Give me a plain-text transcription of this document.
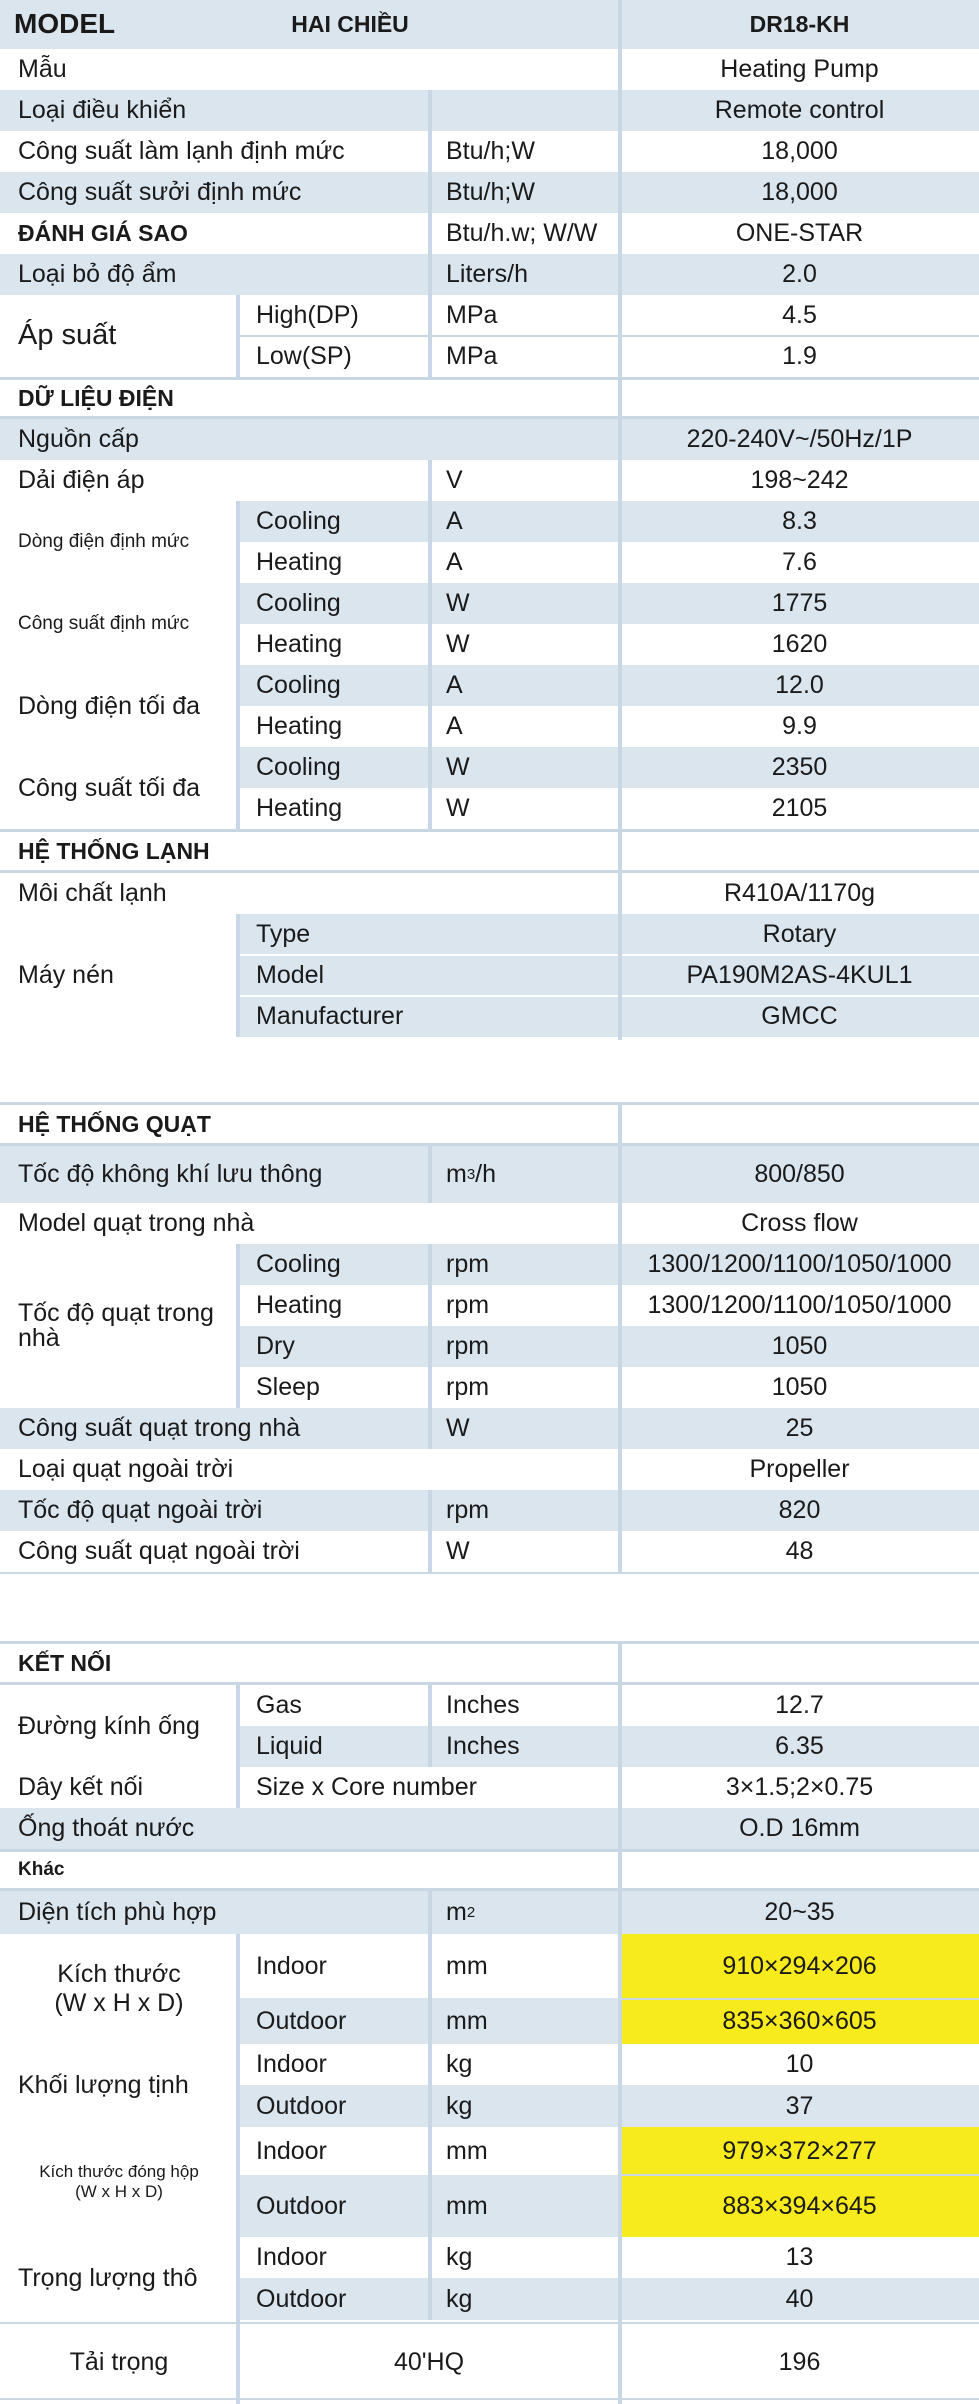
MODEL	HAI CHIỀU	DR18-KH
Mẫu	Heating Pump
Loại điều khiển	Remote control
Công suất làm lạnh định mức	Btu/h;W	18,000
Công suất sưởi định mức	Btu/h;W	18,000
ĐÁNH GIÁ SAO	Btu/h.w; W/W	ONE-STAR
Loại bỏ độ ẩm	Liters/h	2.0
Áp suất
High(DP)	MPa	4.5
Low(SP)	MPa	1.9
DỮ LIỆU ĐIỆN
Nguồn cấp	220-240V~/50Hz/1P
Dải điện áp	V	198~242
Dòng điện định mức
Cooling	A	8.3
Heating	A	7.6
Công suất định mức
Cooling	W	1775
Heating	W	1620
Dòng điện tối đa
Cooling	A	12.0
Heating	A	9.9
Công suất tối đa
Cooling	W	2350
Heating	W	2105
HỆ THỐNG LẠNH
Môi chất lạnh	R410A/1170g
Máy nén
Type	Rotary
Model	PA190M2AS-4KUL1
Manufacturer	GMCC
HỆ THỐNG QUẠT
Tốc độ không khí lưu thông	m 3 /h	800/850
Model quạt trong nhà	Cross flow
Tốc độ quạt trong nhà
Cooling	rpm	1300/1200/1100/1050/1000
Heating	rpm	1300/1200/1100/1050/1000
Dry	rpm	1050
Sleep	rpm	1050
Công suất quạt trong nhà	W	25
Loại quạt ngoài trời	Propeller
Tốc độ quạt ngoài trời	rpm	820
Công suất quạt ngoài trời	W	48
KẾT NỐI
Đường kính ống
Gas	Inches	12.7
Liquid	Inches	6.35
Dây kết nối	Size x Core number	3×1.5;2×0.75
Ống thoát nước	O.D 16mm
Khác
Diện tích phù hợp	m 2	20~35
Kích thước
(W x H x D)
Indoor	mm	910×294×206
Outdoor	mm	835×360×605
Khối lượng tịnh
Indoor	kg	10
Outdoor	kg	37
Kích thước đóng hộp
(W x H x D)
Indoor	mm	979×372×277
Outdoor	mm	883×394×645
Trọng lượng thô
Indoor	kg	13
Outdoor	kg	40
Tải trọng	40'HQ	196
